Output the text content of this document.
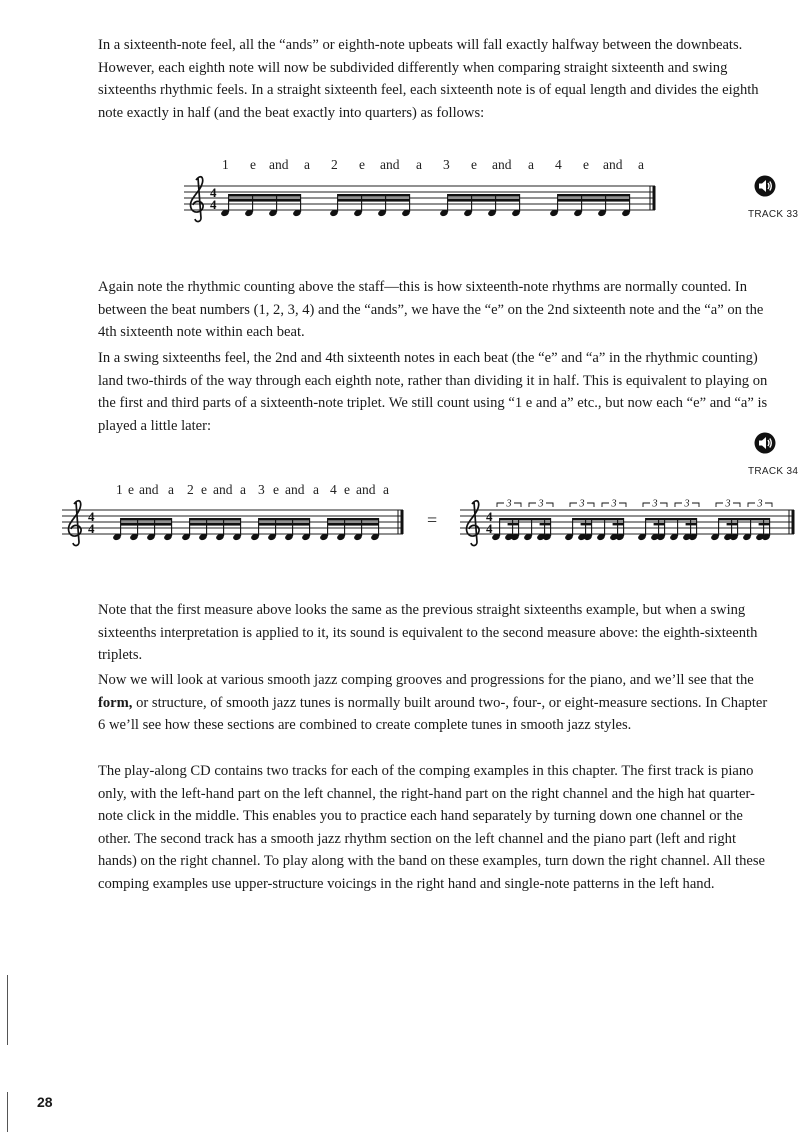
In a sixteenth-note feel, all the “ands” or eighth-note upbeats will fall exactly halfway between the downbeats. However, each eighth note will now be subdivided differently when comparing straight sixteenth and swing sixteenths rhythmic feels. In a straight sixteenth feel, each sixteenth note is of equal length and divides the eighth note exactly in half (and the beat exactly into quarters) as follows:

1 e and a 2 e and a 3 e and a 4 e and a
4
4
TRACK 33

Again note the rhythmic counting above the staff—this is how sixteenth-note rhythms are normally counted. In between the beat numbers (1, 2, 3, 4) and the “ands”, we have the “e” on the 2nd sixteenth note and the “a” on the 4th sixteenth note within each beat.

In a swing sixteenths feel, the 2nd and 4th sixteenth notes in each beat (the “e” and “a” in the rhythmic counting) land two-thirds of the way through each eighth note, rather than dividing it in half. This is equivalent to playing on the first and third parts of a sixteenth-note triplet. We still count using “1 e and a” etc., but now each “e” and “a” is played a little later:

TRACK 34
1 e and a 2 e and a 3 e and a 4 e and a
4
4	=	4
4
3	3	3	3	3	3	3	3

Note that the first measure above looks the same as the previous straight sixteenths example, but when a swing sixteenths interpretation is applied to it, its sound is equivalent to the second measure above: the eighth-sixteenth triplets.

Now we will look at various smooth jazz comping grooves and progressions for the piano, and we’ll see that the form, or structure, of smooth jazz tunes is normally built around two-, four-, or eight-measure sections. In Chapter 6 we’ll see how these sections are combined to create complete tunes in smooth jazz styles.

The play-along CD contains two tracks for each of the comping examples in this chapter. The first track is piano only, with the left-hand part on the left channel, the right-hand part on the right channel and the high hat quarter-note click in the middle. This enables you to practice each hand separately by turning down one channel or the other. The second track has a smooth jazz rhythm section on the left channel and the piano part (left and right hands) on the right channel. To play along with the band on these examples, turn down the right channel. All these comping examples use upper-structure voicings in the right hand and single-note patterns in the left hand.

28
